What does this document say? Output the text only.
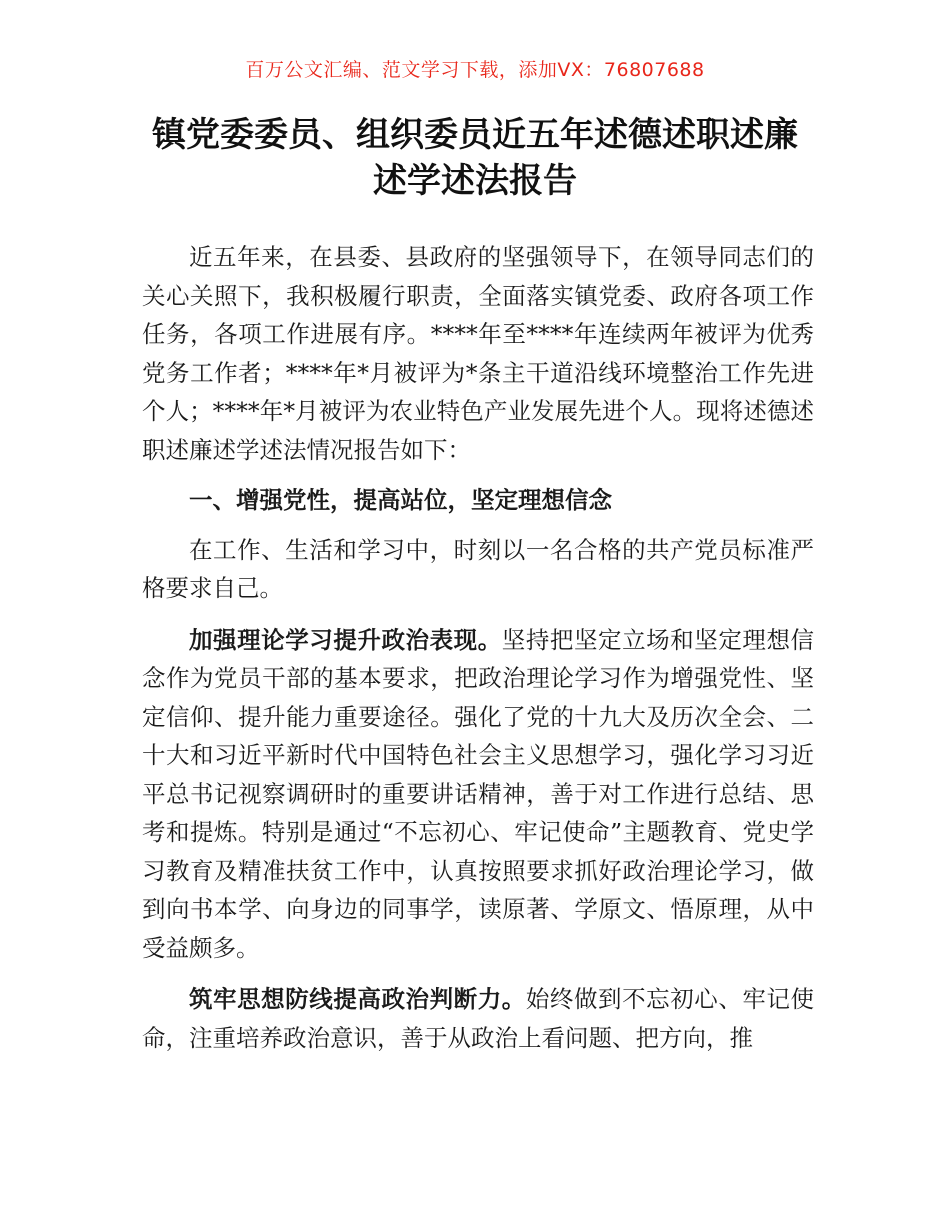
百万公文汇编、范文学习下载，添加VX：76807688
镇党委委员、组织委员近五年述德述职述廉
述学述法报告

近五年来，在县委、县政府的坚强领导下，在领导同志们的关心关照下，我积极履行职责，全面落实镇党委、政府各项工作任务，各项工作进展有序。****年至****年连续两年被评为优秀党务工作者；****年*月被评为*条主干道沿线环境整治工作先进个人；****年*月被评为农业特色产业发展先进个人。现将述德述职述廉述学述法情况报告如下：

一、增强党性，提高站位，坚定理想信念

在工作、生活和学习中，时刻以一名合格的共产党员标准严格要求自己。

加强理论学习提升政治表现。坚持把坚定立场和坚定理想信念作为党员干部的基本要求，把政治理论学习作为增强党性、坚定信仰、提升能力重要途径。强化了党的十九大及历次全会、二十大和习近平新时代中国特色社会主义思想学习，强化学习习近平总书记视察调研时的重要讲话精神，善于对工作进行总结、思考和提炼。特别是通过“不忘初心、牢记使命”主题教育、党史学习教育及精准扶贫工作中，认真按照要求抓好政治理论学习，做到向书本学、向身边的同事学，读原著、学原文、悟原理，从中受益颇多。

筑牢思想防线提高政治判断力。始终做到不忘初心、牢记使命，注重培养政治意识，善于从政治上看问题、把方向，推
